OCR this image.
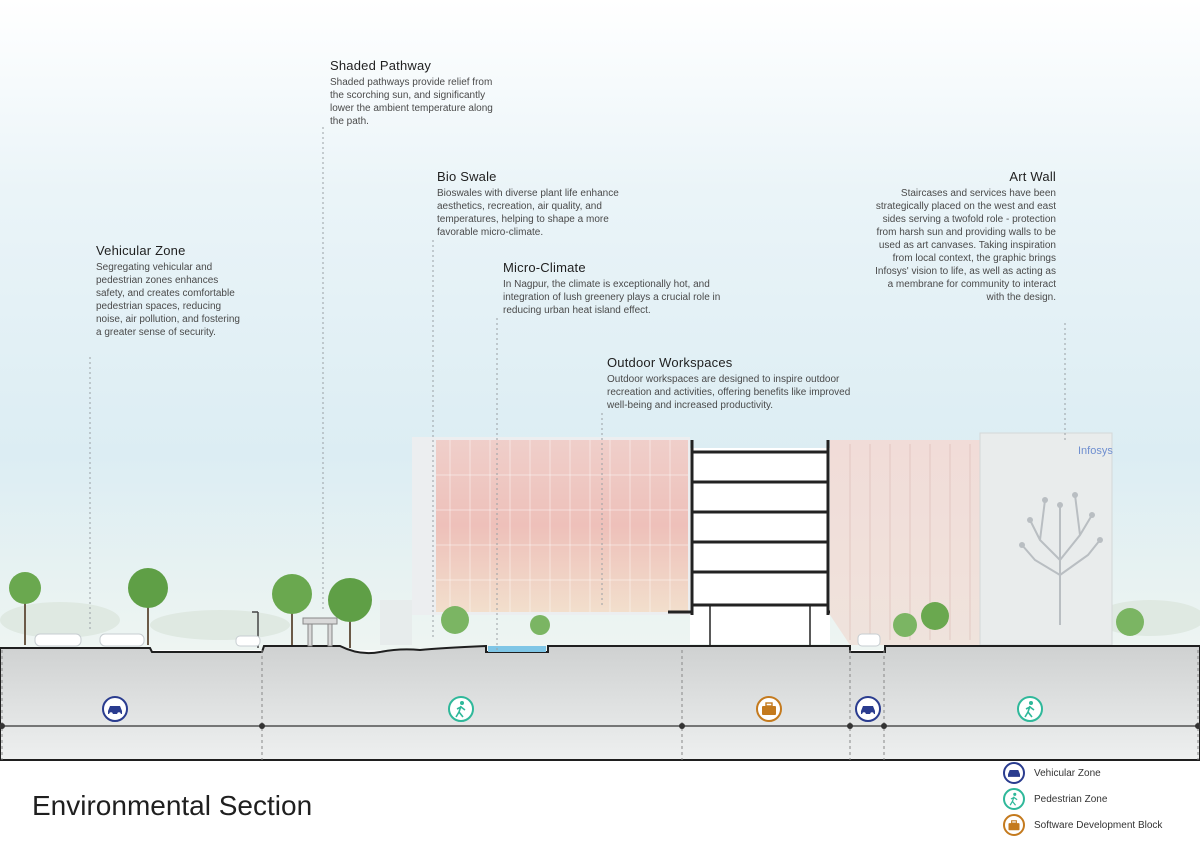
Infosys
Vehicular Zone

Segregating vehicular and pedestrian zones enhances safety, and creates comfortable pedestrian spaces, reducing noise, air pollution, and fostering a greater sense of security.

Shaded Pathway

Shaded pathways provide relief from the scorching sun, and significantly lower the ambient temperature along the path.

Bio Swale

Bioswales with diverse plant life enhance aesthetics, recreation, air quality, and temperatures, helping to shape a more favorable micro-climate.

Micro-Climate

In Nagpur, the climate is exceptionally hot, and integration of lush greenery plays a crucial role in reducing urban heat island effect.

Outdoor Workspaces

Outdoor workspaces are designed to inspire outdoor recreation and activities, offering benefits like improved well-being and increased productivity.

Art Wall

Staircases and services have been strategically placed on the west and east sides serving a twofold role - protection from harsh sun and providing walls to be used as art canvases. Taking inspiration from local context, the graphic brings Infosys' vision to life, as well as acting as a membrane for community to interact with the design.

Environmental Section
Vehicular Zone
Pedestrian Zone
Software Development Block
